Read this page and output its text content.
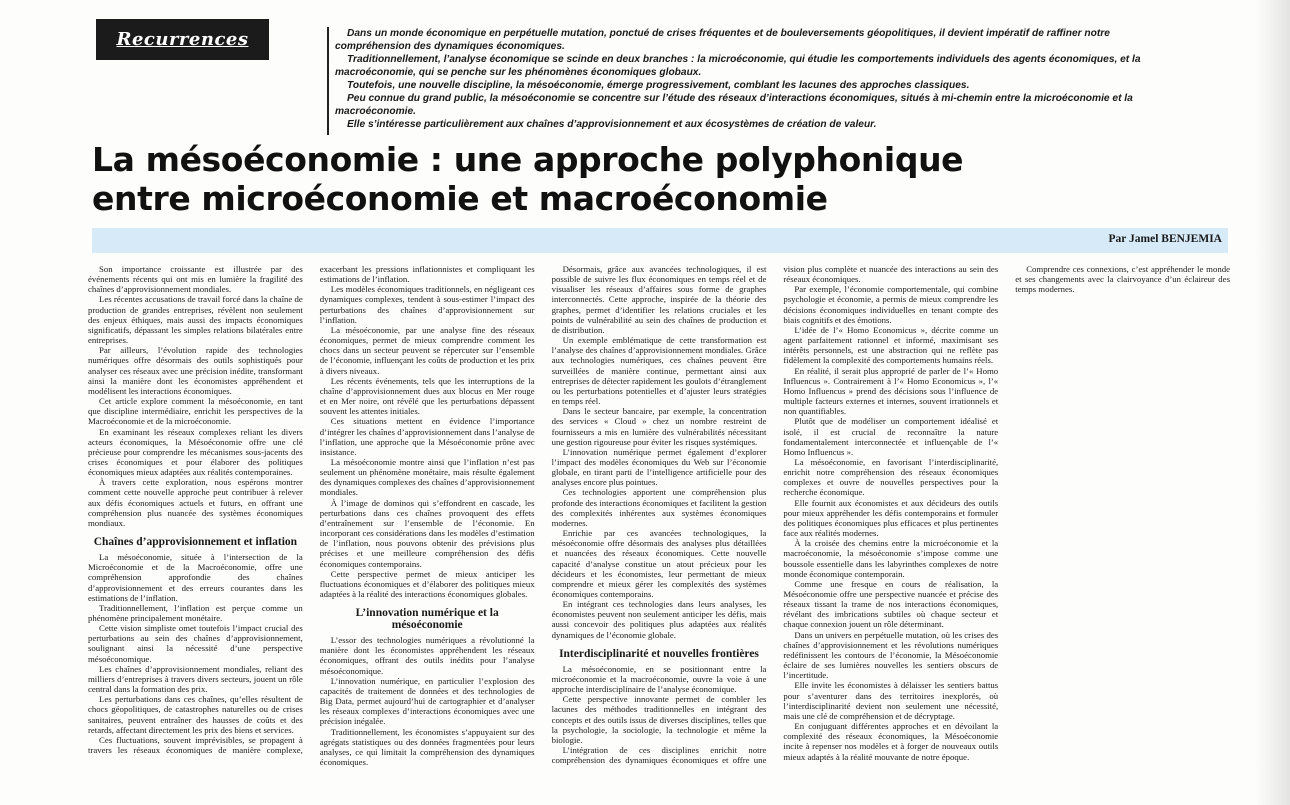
Recurrences	Dans un monde économique en perpétuelle mutation, ponctué de crises fréquentes et de bouleversements géopolitiques, il devient impératif de raffiner notre compréhension des dynamiques économiques.

Traditionnellement, l’analyse économique se scinde en deux branches : la microéconomie, qui étudie les comportements individuels des agents économiques, et la macroéconomie, qui se penche sur les phénomènes économiques globaux.

Toutefois, une nouvelle discipline, la mésoéconomie, émerge progressivement, comblant les lacunes des approches classiques.

Peu connue du grand public, la mésoéconomie se concentre sur l’étude des réseaux d’interactions économiques, situés à mi-chemin entre la microéconomie et la macroéconomie.

Elle s’intéresse particulièrement aux chaînes d’approvisionnement et aux écosystèmes de création de valeur.

La mésoéconomie : une approche polyphonique
entre microéconomie et macroéconomie
Par Jamel BENJEMIA

Son importance croissante est illustrée par des événements récents qui ont mis en lumière la fragilité des chaînes d’approvisionnement mondiales.

Les récentes accusations de travail forcé dans la chaîne de production de grandes entreprises, révèlent non seulement des enjeux éthiques, mais aussi des impacts économiques significatifs, dépassant les simples relations bilatérales entre entreprises.

Par ailleurs, l’évolution rapide des technologies numériques offre désormais des outils sophistiqués pour analyser ces réseaux avec une précision inédite, transformant ainsi la manière dont les économistes appréhendent et modélisent les interactions économiques.

Cet article explore comment la mésoéconomie, en tant que discipline intermédiaire, enrichit les perspectives de la Macroéconomie et de la microéconomie.

En examinant les réseaux complexes reliant les divers acteurs économiques, la Mésoéconomie offre une clé précieuse pour comprendre les mécanismes sous-jacents des crises économiques et pour élaborer des politiques économiques mieux adaptées aux réalités contemporaines.

À travers cette exploration, nous espérons montrer comment cette nouvelle approche peut contribuer à relever aux défis économiques actuels et futurs, en offrant une compréhension plus nuancée des systèmes économiques mondiaux.

Chaînes d’approvisionnement et inflation

La mésoéconomie, située à l’intersection de la Microéconomie et de la Macroéconomie, offre une compréhension approfondie des chaînes d’approvisionnement et des erreurs courantes dans les estimations de l’inflation.

Traditionnellement, l’inflation est perçue comme un phénomène principalement monétaire.

Cette vision simpliste omet toutefois l’impact crucial des perturbations au sein des chaînes d’approvisionnement, soulignant ainsi la nécessité d’une perspective mésoéconomique.

Les chaînes d’approvisionnement mondiales, reliant des milliers d’entreprises à travers divers secteurs, jouent un rôle central dans la formation des prix.

Les perturbations dans ces chaînes, qu’elles résultent de chocs géopolitiques, de catastrophes naturelles ou de crises sanitaires, peuvent entraîner des hausses de coûts et des retards, affectant directement les prix des biens et services.

Ces fluctuations, souvent imprévisibles, se propagent à travers les réseaux économiques de manière complexe, exacerbant les pressions inflationnistes et compliquant les estimations de l’inflation.

Les modèles économiques traditionnels, en négligeant ces dynamiques complexes, tendent à sous-estimer l’impact des perturbations des chaînes d’approvisionnement sur l’inflation.

La mésoéconomie, par une analyse fine des réseaux économiques, permet de mieux comprendre comment les chocs dans un secteur peuvent se répercuter sur l’ensemble de l’économie, influençant les coûts de production et les prix à divers niveaux.

Les récents événements, tels que les interruptions de la chaîne d’approvisionnement dues aux blocus en Mer rouge et en Mer noire, ont révélé que les perturbations dépassent souvent les attentes initiales.

Ces situations mettent en évidence l’importance d’intégrer les chaînes d’approvisionnement dans l’analyse de l’inflation, une approche que la Mésoéconomie prône avec insistance.

La mésoéconomie montre ainsi que l’inflation n’est pas seulement un phénomène monétaire, mais résulte également des dynamiques complexes des chaînes d’approvisionnement mondiales.

À l’image de dominos qui s’effondrent en cascade, les perturbations dans ces chaînes provoquent des effets d’entraînement sur l’ensemble de l’économie. En incorporant ces considérations dans les modèles d’estimation de l’inflation, nous pouvons obtenir des prévisions plus précises et une meilleure compréhension des défis économiques contemporains.

Cette perspective permet de mieux anticiper les fluctuations économiques et d’élaborer des politiques mieux adaptées à la réalité des interactions économiques globales.

L’innovation numérique et la mésoéconomie

L’essor des technologies numériques a révolutionné la manière dont les économistes appréhendent les réseaux économiques, offrant des outils inédits pour l’analyse mésoéconomique.

L’innovation numérique, en particulier l’explosion des capacités de traitement de données et des technologies de Big Data, permet aujourd’hui de cartographier et d’analyser les réseaux complexes d’interactions économiques avec une précision inégalée.

Traditionnellement, les économistes s’appuyaient sur des agrégats statistiques ou des données fragmentées pour leurs analyses, ce qui limitait la compréhension des dynamiques économiques.

Désormais, grâce aux avancées technologiques, il est possible de suivre les flux économiques en temps réel et de visualiser les réseaux d’affaires sous forme de graphes interconnectés. Cette approche, inspirée de la théorie des graphes, permet d’identifier les relations cruciales et les points de vulnérabilité au sein des chaînes de production et de distribution.

Un exemple emblématique de cette transformation est l’analyse des chaînes d’approvisionnement mondiales. Grâce aux technologies numériques, ces chaînes peuvent être surveillées de manière continue, permettant ainsi aux entreprises de détecter rapidement les goulots d’étranglement ou les perturbations potentielles et d’ajuster leurs stratégies en temps réel.

Dans le secteur bancaire, par exemple, la concentration des services « Cloud » chez un nombre restreint de fournisseurs a mis en lumière des vulnérabilités nécessitant une gestion rigoureuse pour éviter les risques systémiques.

L’innovation numérique permet également d’explorer l’impact des modèles économiques du Web sur l’économie globale, en tirant parti de l’intelligence artificielle pour des analyses encore plus pointues.

Ces technologies apportent une compréhension plus profonde des interactions économiques et facilitent la gestion des complexités inhérentes aux systèmes économiques modernes.

Enrichie par ces avancées technologiques, la mésoéconomie offre désormais des analyses plus détaillées et nuancées des réseaux économiques. Cette nouvelle capacité d’analyse constitue un atout précieux pour les décideurs et les économistes, leur permettant de mieux comprendre et mieux gérer les complexités des systèmes économiques contemporains.

En intégrant ces technologies dans leurs analyses, les économistes peuvent non seulement anticiper les défis, mais aussi concevoir des politiques plus adaptées aux réalités dynamiques de l’économie globale.

Interdisciplinarité et nouvelles frontières

La mésoéconomie, en se positionnant entre la microéconomie et la macroéconomie, ouvre la voie à une approche interdisciplinaire de l’analyse économique.

Cette perspective innovante permet de combler les lacunes des méthodes traditionnelles en intégrant des concepts et des outils issus de diverses disciplines, telles que la psychologie, la sociologie, la technologie et même la biologie.

L’intégration de ces disciplines enrichit notre compréhension des dynamiques économiques et offre une vision plus complète et nuancée des interactions au sein des réseaux économiques.

Par exemple, l’économie comportementale, qui combine psychologie et économie, a permis de mieux comprendre les décisions économiques individuelles en tenant compte des biais cognitifs et des émotions.

L’idée de l’« Homo Economicus », décrite comme un agent parfaitement rationnel et informé, maximisant ses intérêts personnels, est une abstraction qui ne reflète pas fidèlement la complexité des comportements humains réels.

En réalité, il serait plus approprié de parler de l’« Homo Influencus ». Contrairement à l’« Homo Economicus », l’« Homo Influencus » prend des décisions sous l’influence de multiple facteurs externes et internes, souvent irrationnels et non quantifiables.

Plutôt que de modéliser un comportement idéalisé et isolé, il est crucial de reconnaître la nature fondamentalement interconnectée et influençable de l’« Homo Influencus ».

La mésoéconomie, en favorisant l’interdisciplinarité, enrichit notre compréhension des réseaux économiques complexes et ouvre de nouvelles perspectives pour la recherche économique.

Elle fournit aux économistes et aux décideurs des outils pour mieux appréhender les défis contemporains et formuler des politiques économiques plus efficaces et plus pertinentes face aux réalités modernes.

À la croisée des chemins entre la microéconomie et la macroéconomie, la mésoéconomie s’impose comme une boussole essentielle dans les labyrinthes complexes de notre monde économique contemporain.

Comme une fresque en cours de réalisation, la Mésoéconomie offre une perspective nuancée et précise des réseaux tissant la trame de nos interactions économiques, révélant des imbrications subtiles où chaque secteur et chaque connexion jouent un rôle déterminant.

Dans un univers en perpétuelle mutation, où les crises des chaînes d’approvisionnement et les révolutions numériques redéfinissent les contours de l’économie, la Mésoéconomie éclaire de ses lumières nouvelles les sentiers obscurs de l’incertitude.

Elle invite les économistes à délaisser les sentiers battus pour s’aventurer dans des territoires inexplorés, où l’interdisciplinarité devient non seulement une nécessité, mais une clé de compréhension et de décryptage.

En conjuguant différentes approches et en dévoilant la complexité des réseaux économiques, la Mésoéconomie incite à repenser nos modèles et à forger de nouveaux outils mieux adaptés à la réalité mouvante de notre époque.

Comprendre ces connexions, c’est appréhender le monde et ses changements avec la clairvoyance d’un éclaireur des temps modernes.
